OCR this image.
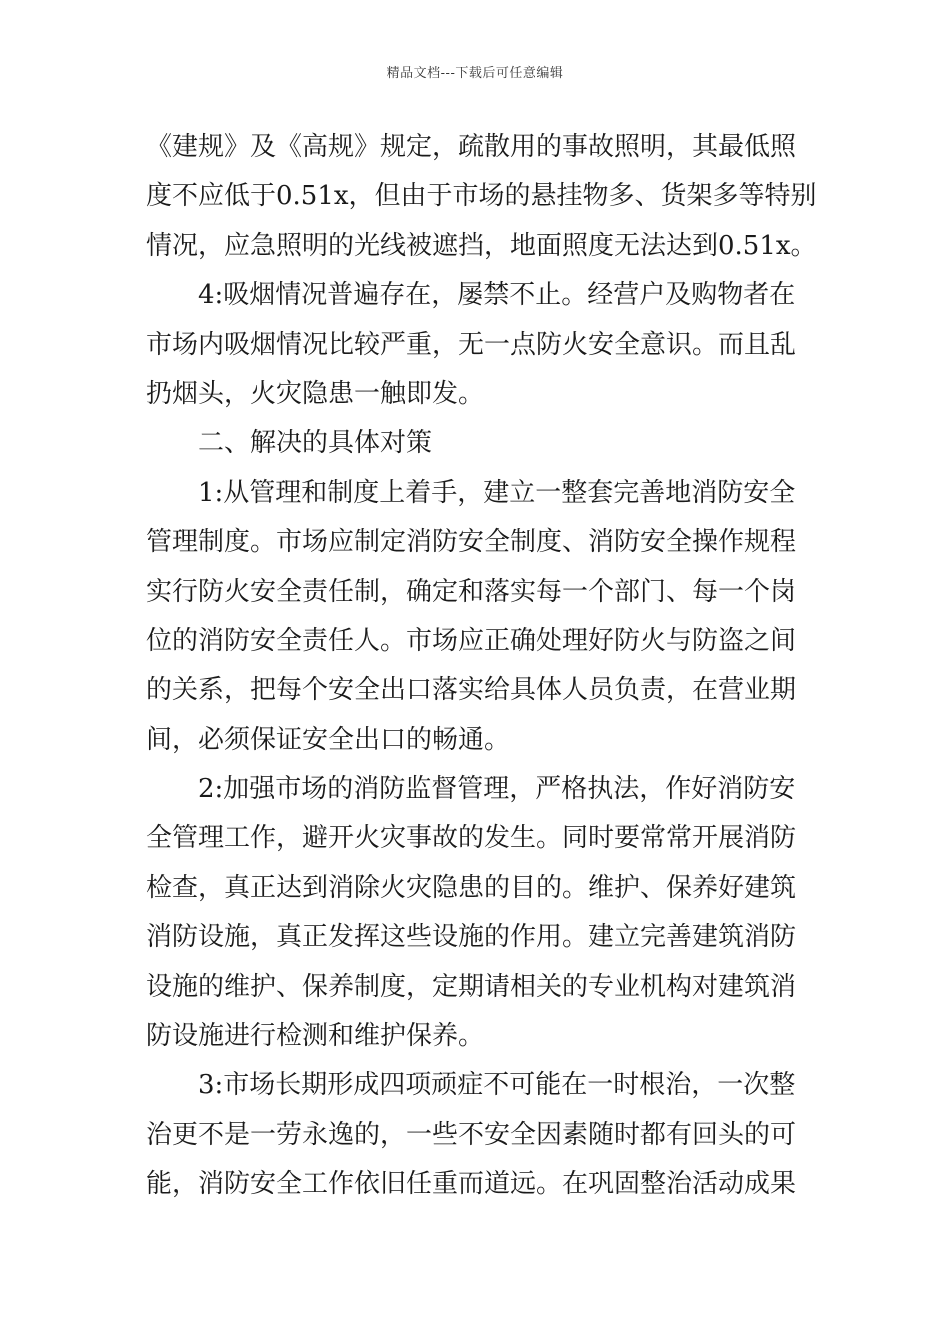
精品文档---下载后可任意编辑
《建规》及《高规》规定，疏散用的事故照明，其最低照
度不应低于0.51x，但由于市场的悬挂物多、货架多等特别
情况，应急照明的光线被遮挡，地面照度无法达到0.51x。
4:吸烟情况普遍存在，屡禁不止。经营户及购物者在
市场内吸烟情况比较严重，无一点防火安全意识。而且乱
扔烟头，火灾隐患一触即发。
二、解决的具体对策
1:从管理和制度上着手，建立一整套完善地消防安全
管理制度。市场应制定消防安全制度、消防安全操作规程
实行防火安全责任制，确定和落实每一个部门、每一个岗
位的消防安全责任人。市场应正确处理好防火与防盗之间
的关系，把每个安全出口落实给具体人员负责，在营业期
间，必须保证安全出口的畅通。
2:加强市场的消防监督管理，严格执法，作好消防安
全管理工作，避开火灾事故的发生。同时要常常开展消防
检查，真正达到消除火灾隐患的目的。维护、保养好建筑
消防设施，真正发挥这些设施的作用。建立完善建筑消防
设施的维护、保养制度，定期请相关的专业机构对建筑消
防设施进行检测和维护保养。
3:市场长期形成四项顽症不可能在一时根治，一次整
治更不是一劳永逸的，一些不安全因素随时都有回头的可
能，消防安全工作依旧任重而道远。在巩固整治活动成果
